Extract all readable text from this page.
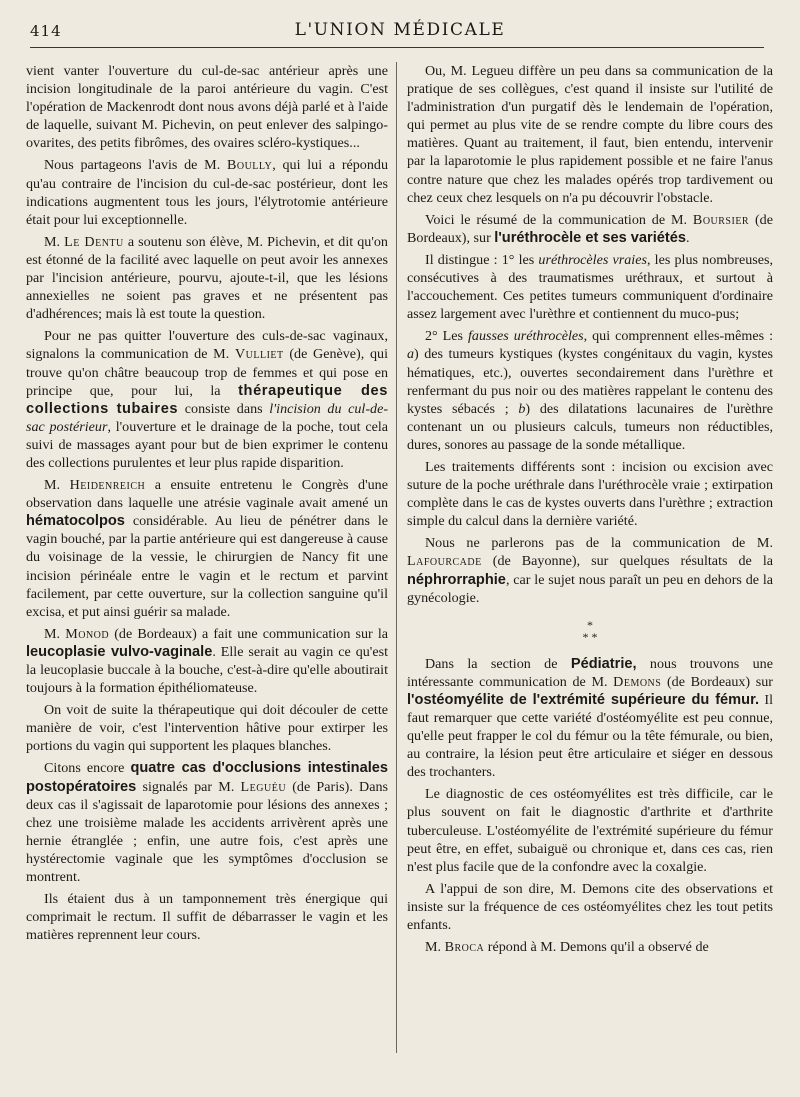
414	L'UNION MÉDICALE

vient vanter l'ouverture du cul-de-sac antérieur après une incision longitudinale de la paroi antérieure du vagin. C'est l'opération de Mackenrodt dont nous avons déjà parlé et à l'aide de laquelle, suivant M. Pichevin, on peut enlever des salpingo-ovarites, des petits fibrômes, des ovaires scléro-kystiques...

Nous partageons l'avis de M. Boully, qui lui a répondu qu'au contraire de l'incision du cul-de-sac postérieur, dont les indications augmentent tous les jours, l'élytrotomie antérieure était pour lui exceptionnelle.

M. Le Dentu a soutenu son élève, M. Pichevin, et dit qu'on est étonné de la facilité avec laquelle on peut avoir les annexes par l'incision antérieure, pourvu, ajoute-t-il, que les lésions annexielles ne soient pas graves et ne présentent pas d'adhérences; mais là est toute la question.

Pour ne pas quitter l'ouverture des culs-de-sac vaginaux, signalons la communication de M. Vulliet (de Genève), qui trouve qu'on châtre beaucoup trop de femmes et qui pose en principe que, pour lui, la thérapeutique des collections tubaires consiste dans l'incision du cul-de-sac postérieur, l'ouverture et le drainage de la poche, tout cela suivi de massages ayant pour but de bien exprimer le contenu des collections purulentes et leur plus rapide disparition.

M. Heidenreich a ensuite entretenu le Congrès d'une observation dans laquelle une atrésie vaginale avait amené un hématocolpos considérable. Au lieu de pénétrer dans le vagin bouché, par la partie antérieure qui est dangereuse à cause du voisinage de la vessie, le chirurgien de Nancy fit une incision périnéale entre le vagin et le rectum et parvint facilement, par cette ouverture, sur la collection sanguine qu'il excisa, et put ainsi guérir sa malade.

M. Monod (de Bordeaux) a fait une communication sur la leucoplasie vulvo-vaginale. Elle serait au vagin ce qu'est la leucoplasie buccale à la bouche, c'est-à-dire qu'elle aboutirait toujours à la formation épithéliomateuse.

On voit de suite la thérapeutique qui doit découler de cette manière de voir, c'est l'intervention hâtive pour extirper les portions du vagin qui supportent les plaques blanches.

Citons encore quatre cas d'occlusions intestinales postopératoires signalés par M. Leguéu (de Paris). Dans deux cas il s'agissait de laparotomie pour lésions des annexes ; chez une troisième malade les accidents arrivèrent après une hernie étranglée ; enfin, une autre fois, c'est après une hystérectomie vaginale que les symptômes d'occlusion se montrent.

Ils étaient dus à un tamponnement très énergique qui comprimait le rectum. Il suffit de débarrasser le vagin et les matières reprennent leur cours.

Ou, M. Legueu diffère un peu dans sa communication de la pratique de ses collègues, c'est quand il insiste sur l'utilité de l'administration d'un purgatif dès le lendemain de l'opération, qui permet au plus vite de se rendre compte du libre cours des matières. Quant au traitement, il faut, bien entendu, intervenir par la laparotomie le plus rapidement possible et ne faire l'anus contre nature que chez les malades opérés trop tardivement ou chez ceux chez lesquels on n'a pu découvrir l'obstacle.

Voici le résumé de la communication de M. Boursier (de Bordeaux), sur l'uréthrocèle et ses variétés.

Il distingue : 1° les uréthrocèles vraies, les plus nombreuses, consécutives à des traumatismes uréthraux, et surtout à l'accouchement. Ces petites tumeurs communiquent d'ordinaire assez largement avec l'urèthre et contiennent du muco-pus;

2° Les fausses uréthrocèles, qui comprennent elles-mêmes : a) des tumeurs kystiques (kystes congénitaux du vagin, kystes hématiques, etc.), ouvertes secondairement dans l'urèthre et renfermant du pus noir ou des matières rappelant le contenu des kystes sébacés ; b) des dilatations lacunaires de l'urèthre contenant un ou plusieurs calculs, tumeurs non réductibles, dures, sonores au passage de la sonde métallique.

Les traitements différents sont : incision ou excision avec suture de la poche uréthrale dans l'uréthrocèle vraie ; extirpation complète dans le cas de kystes ouverts dans l'urèthre ; extraction simple du calcul dans la dernière variété.

Nous ne parlerons pas de la communication de M. Lafourcade (de Bayonne), sur quelques résultats de la néphrorraphie, car le sujet nous paraît un peu en dehors de la gynécologie.

*
* *

Dans la section de Pédiatrie, nous trouvons une intéressante communication de M. Demons (de Bordeaux) sur l'ostéomyélite de l'extrémité supérieure du fémur. Il faut remarquer que cette variété d'ostéomyélite est peu connue, qu'elle peut frapper le col du fémur ou la tête fémurale, ou bien, au contraire, la lésion peut être articulaire et siéger en dessous des trochanters.

Le diagnostic de ces ostéomyélites est très difficile, car le plus souvent on fait le diagnostic d'arthrite et d'arthrite tuberculeuse. L'ostéomyélite de l'extrémité supérieure du fémur peut être, en effet, subaiguë ou chronique et, dans ces cas, rien n'est plus facile que de la confondre avec la coxalgie.

A l'appui de son dire, M. Demons cite des observations et insiste sur la fréquence de ces ostéomyélites chez les tout petits enfants.

M. Broca répond à M. Demons qu'il a observé de
